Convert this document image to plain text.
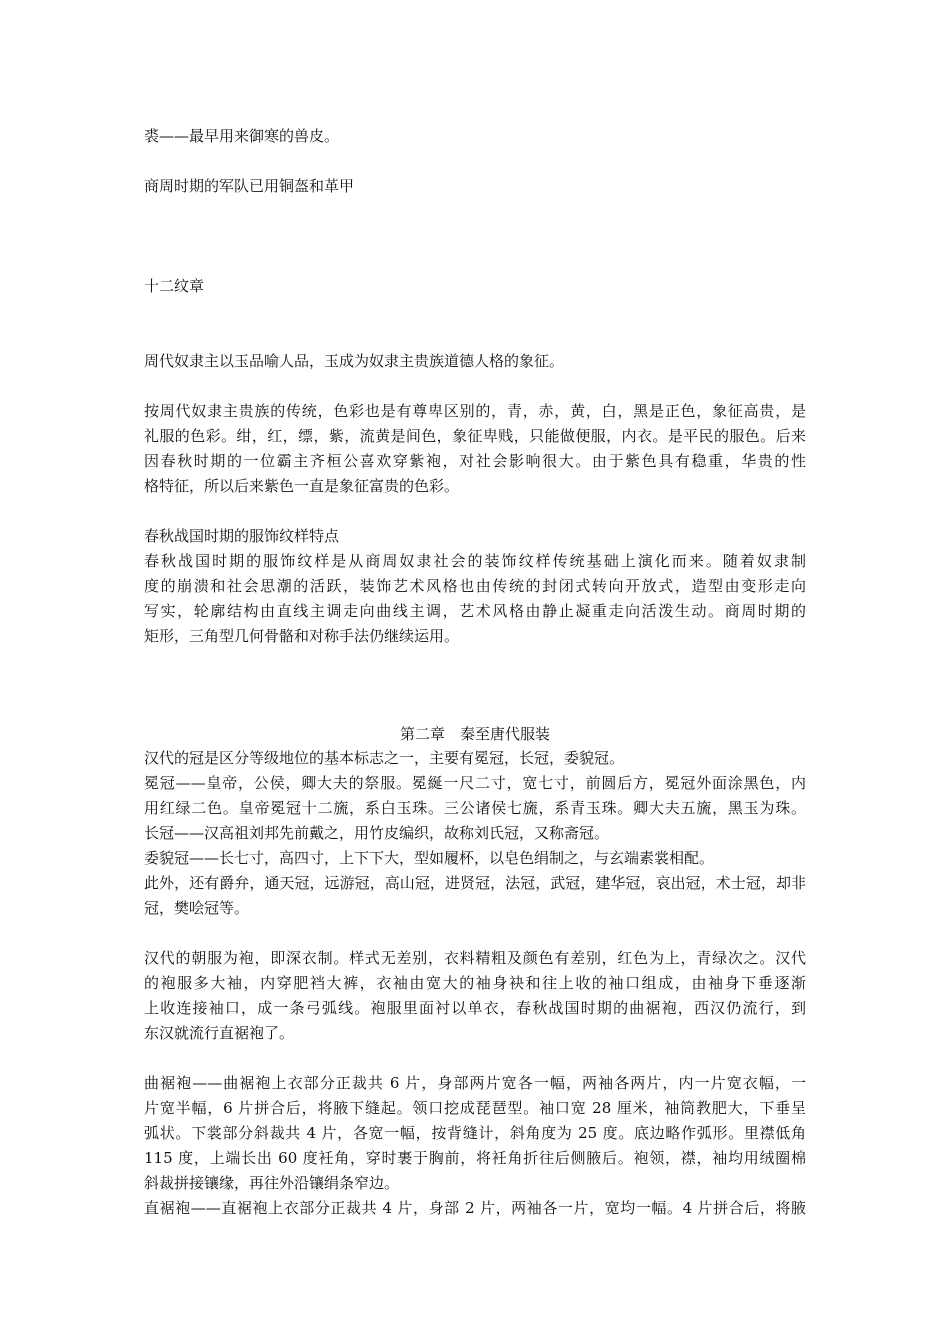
裘——最早用来御寒的兽皮。
商周时期的军队已用铜盔和革甲
十二纹章
周代奴隶主以玉品喻人品，玉成为奴隶主贵族道德人格的象征。
按周代奴隶主贵族的传统，色彩也是有尊卑区别的，青，赤，黄，白，黑是正色，象征高贵，是
礼服的色彩。绀，红，缥，紫，流黄是间色，象征卑贱，只能做便服，内衣。是平民的服色。后来
因春秋时期的一位霸主齐桓公喜欢穿紫袍，对社会影响很大。由于紫色具有稳重，华贵的性
格特征，所以后来紫色一直是象征富贵的色彩。
春秋战国时期的服饰纹样特点
春秋战国时期的服饰纹样是从商周奴隶社会的装饰纹样传统基础上演化而来。随着奴隶制
度的崩溃和社会思潮的活跃，装饰艺术风格也由传统的封闭式转向开放式，造型由变形走向
写实，轮廓结构由直线主调走向曲线主调，艺术风格由静止凝重走向活泼生动。商周时期的
矩形，三角型几何骨骼和对称手法仍继续运用。
第二章　秦至唐代服装
汉代的冠是区分等级地位的基本标志之一，主要有冕冠，长冠，委貌冠。
冕冠——皇帝，公侯，卿大夫的祭服。冕綖一尺二寸，宽七寸，前圆后方，冕冠外面涂黑色，内
用红绿二色。皇帝冕冠十二旒，系白玉珠。三公诸侯七旒，系青玉珠。卿大夫五旒，黑玉为珠。
长冠——汉高祖刘邦先前戴之，用竹皮编织，故称刘氏冠，又称斋冠。
委貌冠——长七寸，高四寸，上下下大，型如履杯，以皂色绢制之，与玄端素裳相配。
此外，还有爵弁，通天冠，远游冠，高山冠，进贤冠，法冠，武冠，建华冠，哀出冠，术士冠，却非
冠，樊哙冠等。
汉代的朝服为袍，即深衣制。样式无差别，衣料精粗及颜色有差别，红色为上，青绿次之。汉代
的袍服多大袖，内穿肥裆大裤，衣袖由宽大的袖身袂和往上收的袖口组成，由袖身下垂逐渐
上收连接袖口，成一条弓弧线。袍服里面衬以单衣，春秋战国时期的曲裾袍，西汉仍流行，到
东汉就流行直裾袍了。
曲裾袍——曲裾袍上衣部分正裁共 6 片，身部两片宽各一幅，两袖各两片，内一片宽衣幅，一
片宽半幅，6 片拼合后，将腋下缝起。领口挖成琵琶型。袖口宽 28 厘米，袖筒教肥大，下垂呈
弧状。下裳部分斜裁共 4 片，各宽一幅，按背缝计，斜角度为 25 度。底边略作弧形。里襟低角
115 度，上端长出 60 度衽角，穿时裹于胸前，将衽角折往后侧腋后。袍领，襟，袖均用绒圈棉
斜裁拼接镶缘，再往外沿镶绢条窄边。
直裾袍——直裾袍上衣部分正裁共 4 片，身部 2 片，两袖各一片，宽均一幅。4 片拼合后，将腋
